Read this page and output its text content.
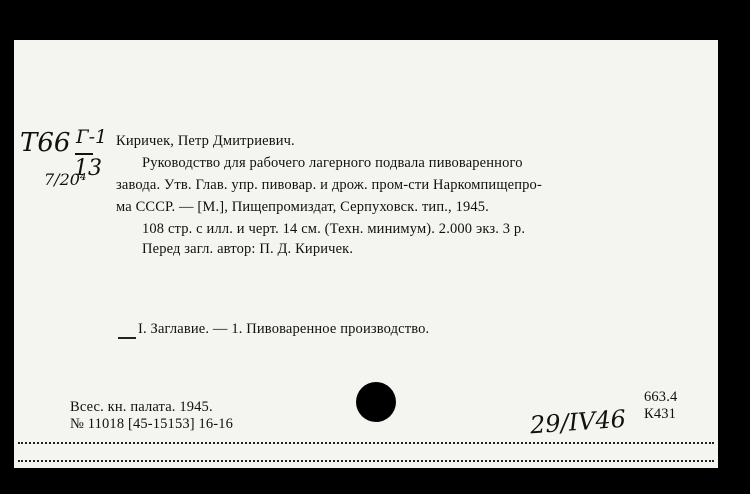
Т66 Г-1
13
7/20⁴
Киричек, Петр Дмитриевич.
Руководство для рабочего лагерного подвала пивоваренного
завода. Утв. Глав. упр. пивовар. и дрож. пром-сти Наркомпищепро-
ма СССР. — [М.], Пищепромиздат, Серпуховск. тип., 1945.
108 стр. с илл. и черт. 14 см. (Техн. минимум). 2.000 экз. 3 р.
Перед загл. автор: П. Д. Киричек.
I. Заглавие. — 1. Пивоваренное производство.
Всес. кн. палата. 1945.
№ 11018 [45-15153] 16-16
663.4
К431
29/IV46
